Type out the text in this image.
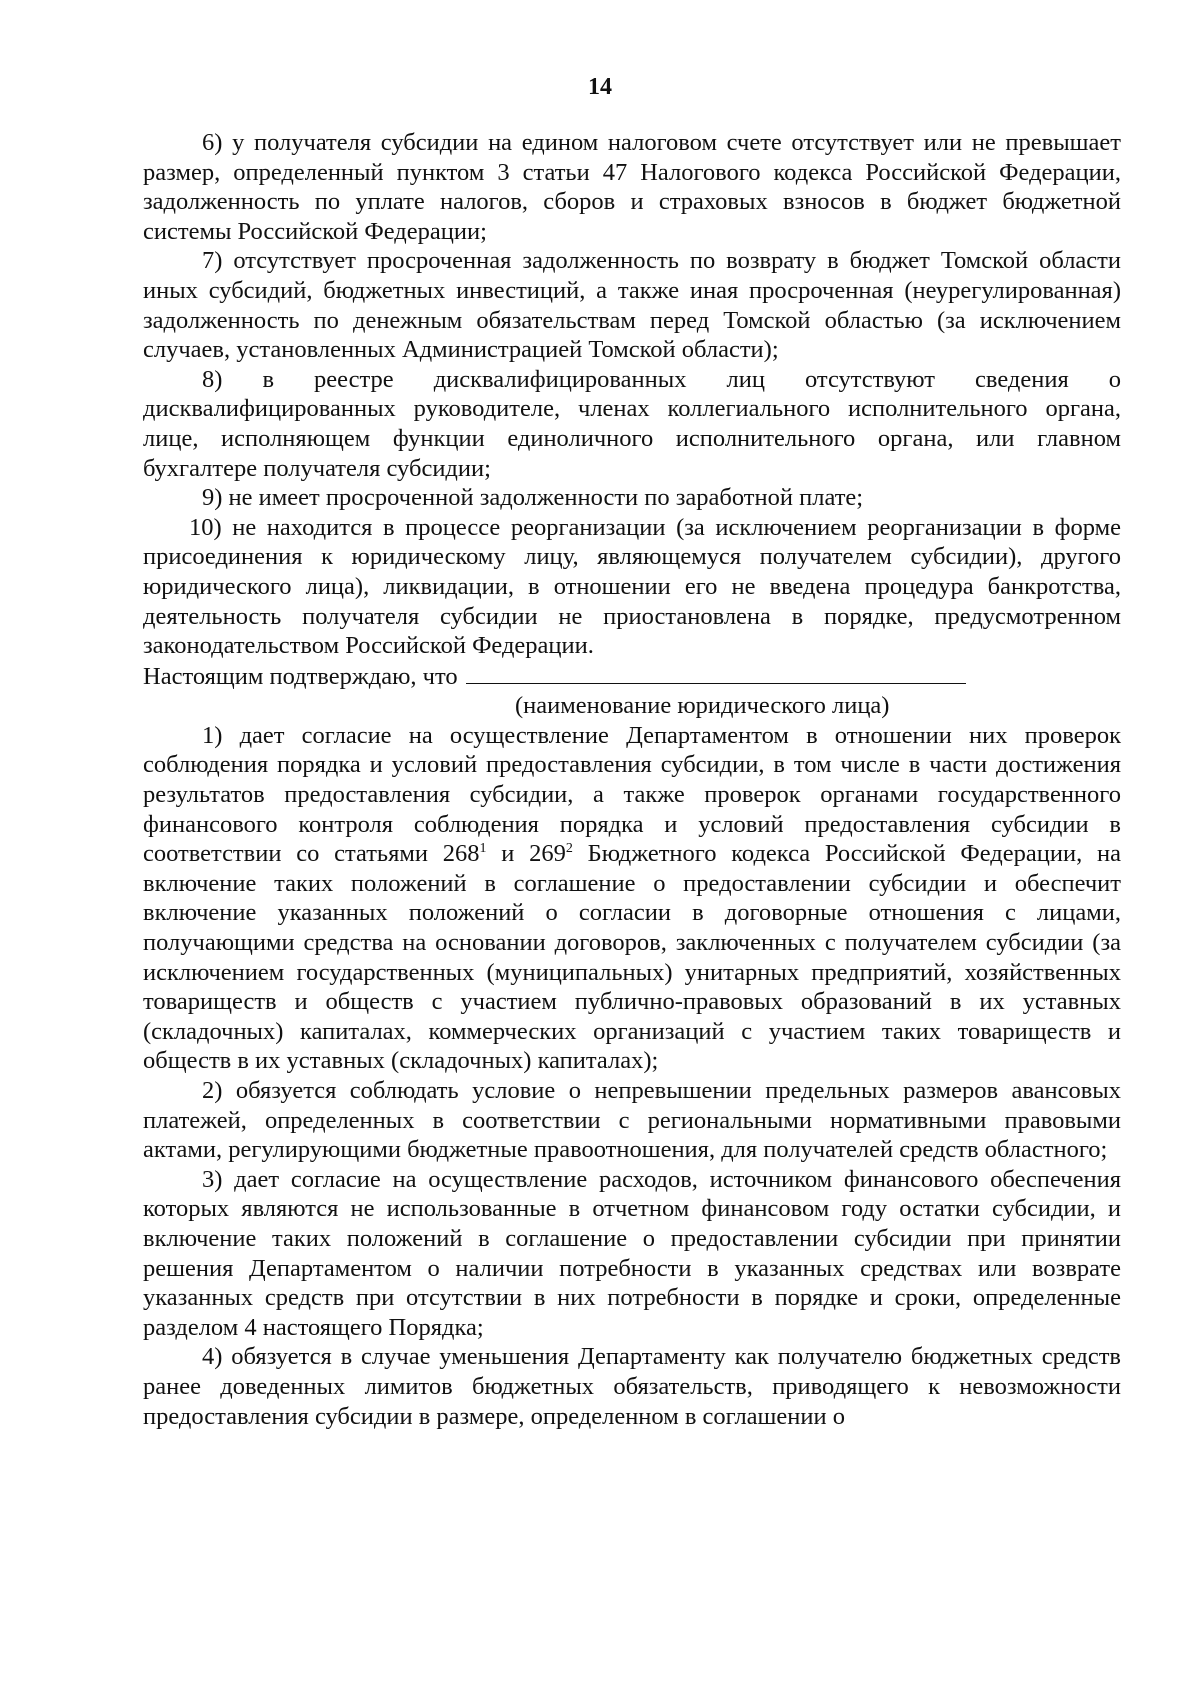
14

6) у получателя субсидии на едином налоговом счете отсутствует или не превышает размер, определенный пунктом 3 статьи 47 Налогового кодекса Российской Федерации, задолженность по уплате налогов, сборов и страховых взносов в бюджет бюджетной системы Российской Федерации;

7) отсутствует просроченная задолженность по возврату в бюджет Томской области иных субсидий, бюджетных инвестиций, а также иная просроченная (неурегулированная) задолженность по денежным обязательствам перед Томской областью (за исключением случаев, установленных Администрацией Томской области);

8) в реестре дисквалифицированных лиц отсутствуют сведения о дисквалифицированных руководителе, членах коллегиального исполнительного органа, лице, исполняющем функции единоличного исполнительного органа, или главном бухгалтере получателя субсидии;

9) не имеет просроченной задолженности по заработной плате;

10) не находится в процессе реорганизации (за исключением реорганизации в форме присоединения к юридическому лицу, являющемуся получателем субсидии), другого юридического лица), ликвидации, в отношении его не введена процедура банкротства, деятельность получателя субсидии не приостановлена в порядке, предусмотренном законодательством Российской Федерации.

Настоящим подтверждаю, что

(наименование юридического лица)

1) дает согласие на осуществление Департаментом в отношении них проверок соблюдения порядка и условий предоставления субсидии, в том числе в части достижения результатов предоставления субсидии, а также проверок органами государственного финансового контроля соблюдения порядка и условий предоставления субсидии в соответствии со статьями $268^1$ и $269^2$ Бюджетного кодекса Российской Федерации, на включение таких положений в соглашение о предоставлении субсидии и обеспечит включение указанных положений о согласии в договорные отношения с лицами, получающими средства на основании договоров, заключенных с получателем субсидии (за исключением государственных (муниципальных) унитарных предприятий, хозяйственных товариществ и обществ с участием публично-правовых образований в их уставных (складочных) капиталах, коммерческих организаций с участием таких товариществ и обществ в их уставных (складочных) капиталах);

2) обязуется соблюдать условие о непревышении предельных размеров авансовых платежей, определенных в соответствии с региональными нормативными правовыми актами, регулирующими бюджетные правоотношения, для получателей средств областного;

3) дает согласие на осуществление расходов, источником финансового обеспечения которых являются не использованные в отчетном финансовом году остатки субсидии, и включение таких положений в соглашение о предоставлении субсидии при принятии решения Департаментом о наличии потребности в указанных средствах или возврате указанных средств при отсутствии в них потребности в порядке и сроки, определенные разделом 4 настоящего Порядка;

4) обязуется в случае уменьшения Департаменту как получателю бюджетных средств ранее доведенных лимитов бюджетных обязательств, приводящего к невозможности предоставления субсидии в размере, определенном в соглашении о
